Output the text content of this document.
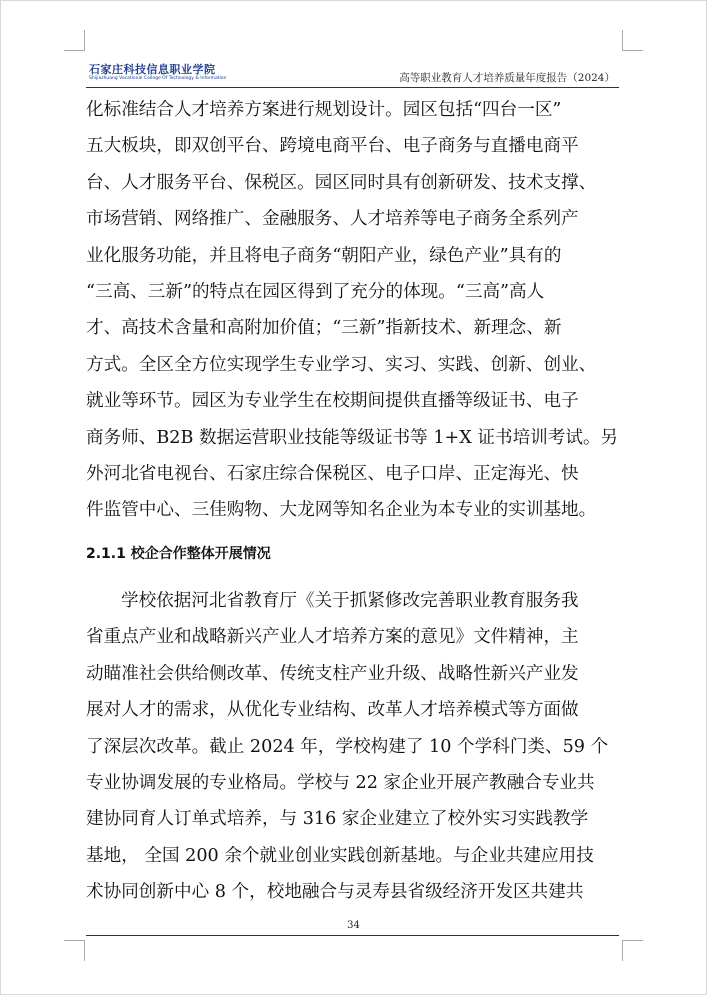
石家庄科技信息职业学院
Shijiazhuang Vocational College Of Technology & Information	高等职业教育人才培养质量年度报告（2024）
化标准结合人才培养方案进行规划设计。园区包括“四台一区”
五大板块，即双创平台、跨境电商平台、电子商务与直播电商平
台、人才服务平台、保税区。园区同时具有创新研发、技术支撑、
市场营销、网络推广、金融服务、人才培养等电子商务全系列产
业化服务功能，并且将电子商务“朝阳产业，绿色产业”具有的
“三高、三新”的特点在园区得到了充分的体现。“三高”高人
才、高技术含量和高附加价值；“三新”指新技术、新理念、新
方式。全区全方位实现学生专业学习、实习、实践、创新、创业、
就业等环节。园区为专业学生在校期间提供直播等级证书、电子
商务师、B2B 数据运营职业技能等级证书等 1+X 证书培训考试。另
外河北省电视台、石家庄综合保税区、电子口岸、正定海光、快
件监管中心、三佳购物、大龙网等知名企业为本专业的实训基地。
2.1.1 校企合作整体开展情况
学校依据河北省教育厅《关于抓紧修改完善职业教育服务我
省重点产业和战略新兴产业人才培养方案的意见》文件精神，主
动瞄准社会供给侧改革、传统支柱产业升级、战略性新兴产业发
展对人才的需求，从优化专业结构、改革人才培养模式等方面做
了深层次改革。截止 2024 年，学校构建了 10 个学科门类、59 个
专业协调发展的专业格局。学校与 22 家企业开展产教融合专业共
建协同育人订单式培养，与 316 家企业建立了校外实习实践教学
基地， 全国 200 余个就业创业实践创新基地。与企业共建应用技
术协同创新中心 8 个，校地融合与灵寿县省级经济开发区共建共
34
